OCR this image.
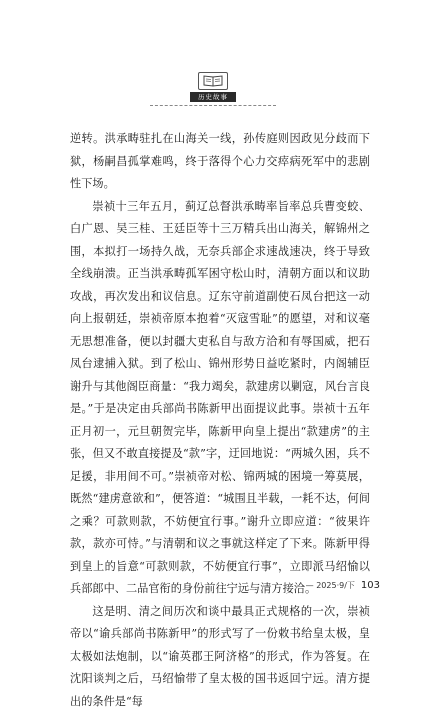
历史故事

逆转。洪承畴驻扎在山海关一线，孙传庭则因政见分歧而下狱，杨嗣昌孤掌难鸣，终于落得个心力交瘁病死军中的悲剧性下场。

崇祯十三年五月，蓟辽总督洪承畴率旨率总兵曹变蛟、白广恩、吴三桂、王廷臣等十三万精兵出山海关，解锦州之围，本拟打一场持久战，无奈兵部企求速战速决，终于导致全线崩溃。正当洪承畴孤军困守松山时，清朝方面以和议助攻战，再次发出和议信息。辽东守前道副使石凤台把这一动向上报朝廷，崇祯帝原本抱着“灭寇雪耻”的愿望，对和议毫无思想准备，便以封疆大吏私自与敌方洽和有辱国威，把石凤台逮捕入狱。到了松山、锦州形势日益吃紧时，内阁辅臣谢升与其他阁臣商量：“我力竭矣，款建虏以剿寇，风台言良是。”于是决定由兵部尚书陈新甲出面提议此事。崇祯十五年正月初一，元旦朝贺完毕，陈新甲向皇上提出“款建虏”的主张，但又不敢直接提及“款”字，迂回地说：“两城久困，兵不足援，非用间不可。”崇祯帝对松、锦两城的困境一筹莫展，既然“建虏意欲和”，便答道：“城围且半载，一耗不达，何间之乘？可款则款，不妨便宜行事。”谢升立即应道：“彼果许款，款亦可恃。”与清朝和议之事就这样定了下来。陈新甲得到皇上的旨意“可款则款，不妨便宜行事”，立即派马绍愉以兵部郎中、二品官衔的身份前往宁远与清方接洽。

这是明、清之间历次和谈中最具正式规格的一次，崇祯帝以“谕兵部尚书陈新甲”的形式写了一份敕书给皇太极，皇太极如法炮制，以“谕英郡王阿济格”的形式，作为答复。在沈阳谈判之后，马绍愉带了皇太极的国书返回宁远。清方提出的条件是“每

— 2025·9/下 103
